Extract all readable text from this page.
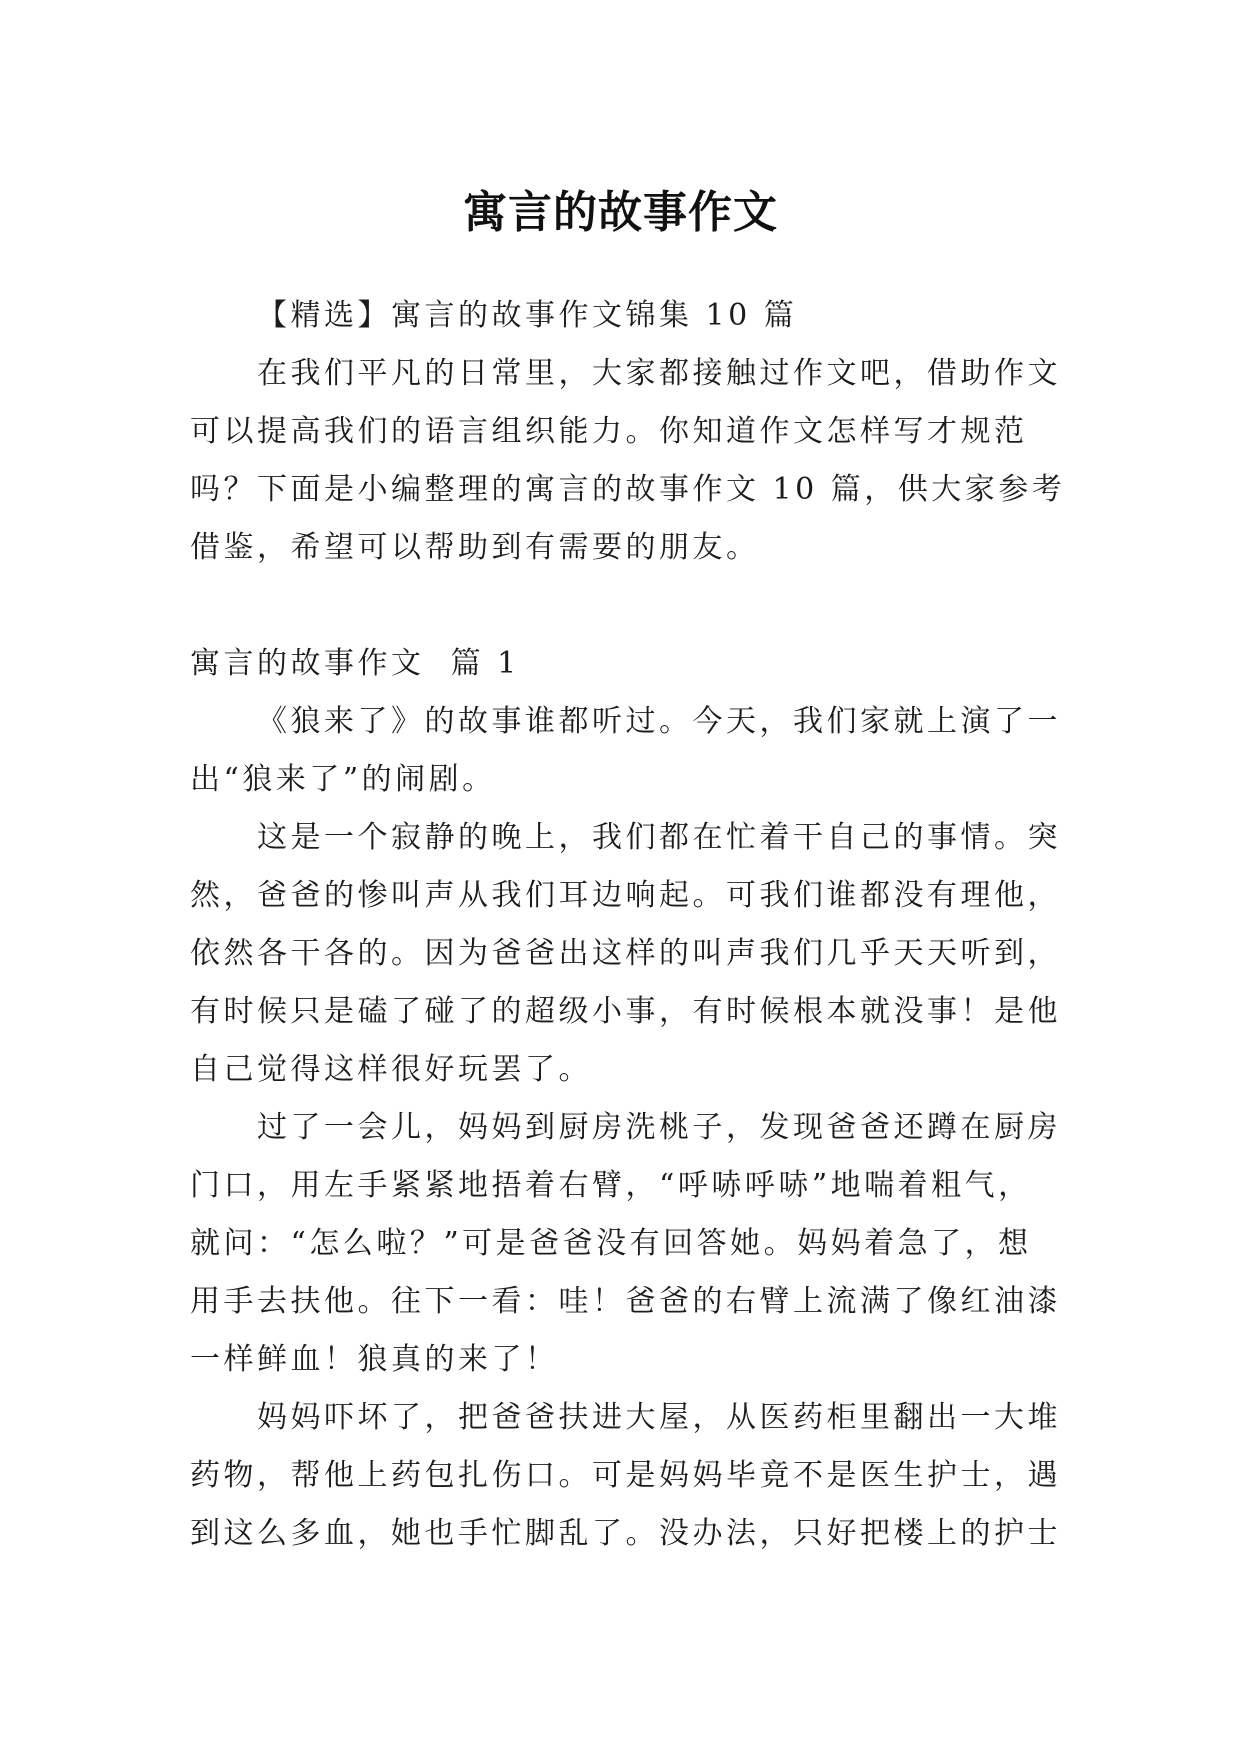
寓言的故事作文
【精选】寓言的故事作文锦集 10 篇
在我们平凡的日常里，大家都接触过作文吧，借助作文
可以提高我们的语言组织能力。你知道作文怎样写才规范
吗？下面是小编整理的寓言的故事作文 10 篇，供大家参考
借鉴，希望可以帮助到有需要的朋友。
寓言的故事作文  篇 1
《狼来了》的故事谁都听过。今天，我们家就上演了一
出“狼来了”的闹剧。
这是一个寂静的晚上，我们都在忙着干自己的事情。突
然，爸爸的惨叫声从我们耳边响起。可我们谁都没有理他，
依然各干各的。因为爸爸出这样的叫声我们几乎天天听到，
有时候只是磕了碰了的超级小事，有时候根本就没事！是他
自己觉得这样很好玩罢了。
过了一会儿，妈妈到厨房洗桃子，发现爸爸还蹲在厨房
门口，用左手紧紧地捂着右臂，“呼哧呼哧”地喘着粗气，
就问：“怎么啦？”可是爸爸没有回答她。妈妈着急了，想
用手去扶他。往下一看：哇！爸爸的右臂上流满了像红油漆
一样鲜血！狼真的来了！
妈妈吓坏了，把爸爸扶进大屋，从医药柜里翻出一大堆
药物，帮他上药包扎伤口。可是妈妈毕竟不是医生护士，遇
到这么多血，她也手忙脚乱了。没办法，只好把楼上的护士
